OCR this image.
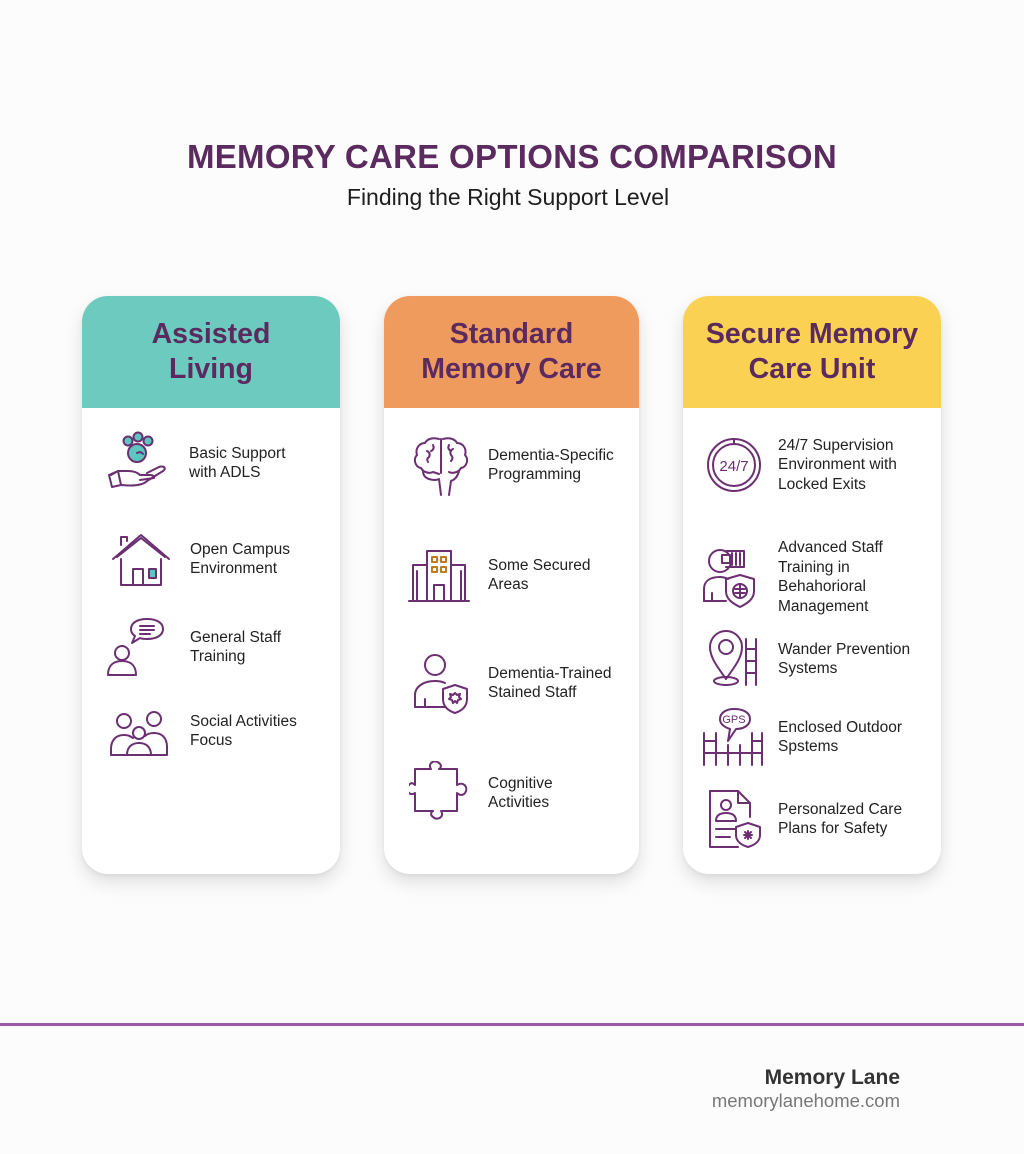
MEMORY CARE OPTIONS COMPARISON
Finding the Right Support Level
Assisted Living
Basic Support with ADLS
Open Campus Environment
General Staff Training
Social Activities Focus
Standard Memory Care
Dementia-Specific Programming
Some Secured Areas
Dementia-Trained Stained Staff
Cognitive Activities
Secure Memory Care Unit
24/7
24/7 Supervision Environment with Locked Exits
Advanced Staff Training in Behahorioral Management
Wander Prevention Systems
GPS Enclosed Outdoor Spstems
Personalzed Care Plans for Safety
Memory Lane
memorylanehome.com
